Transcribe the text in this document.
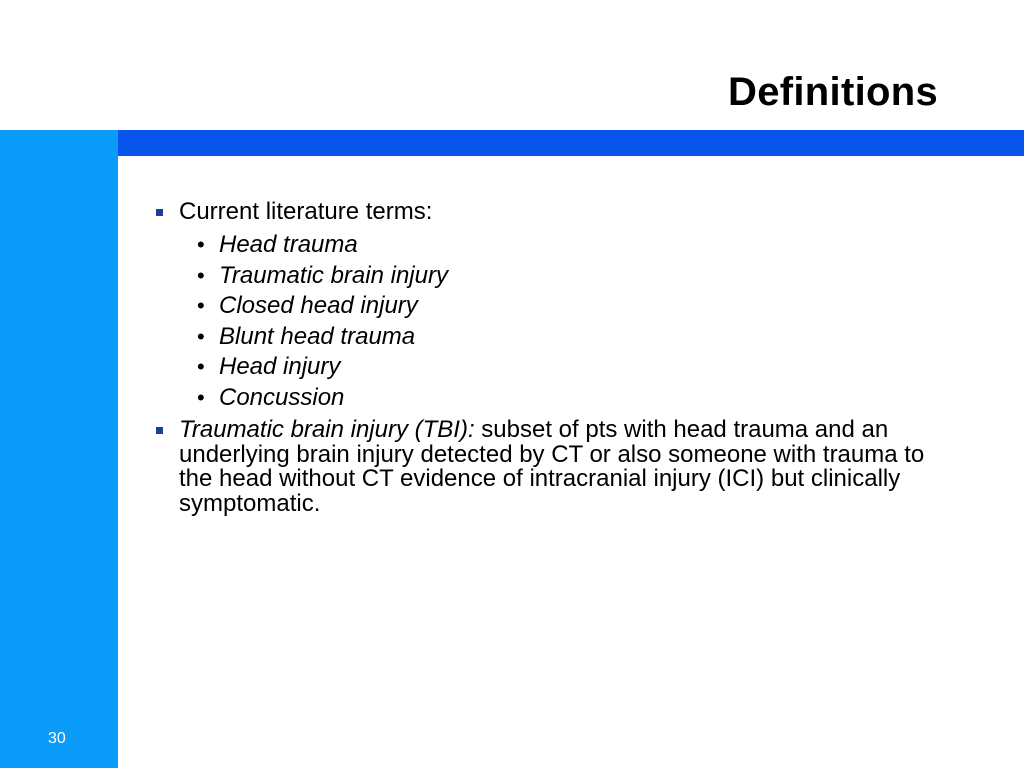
Definitions
Current literature terms:
• Head trauma
• Traumatic brain injury
• Closed head injury
• Blunt head trauma
• Head injury
• Concussion
Traumatic brain injury (TBI): subset of pts with head trauma and an underlying brain injury detected by CT or also someone with trauma to the head without CT evidence of intracranial injury (ICI) but clinically symptomatic.
30
